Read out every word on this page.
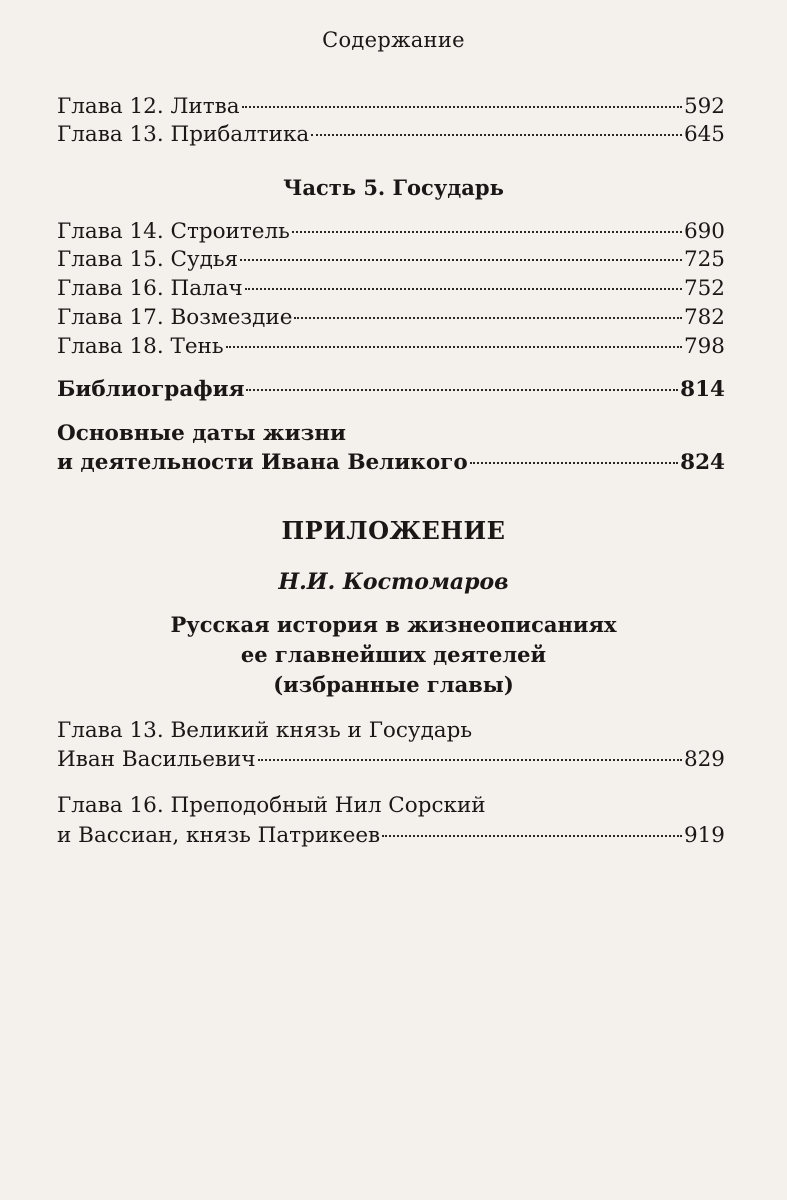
Содержание
Глава 12. Литва	592
Глава 13. Прибалтика	645
Часть 5. Государь
Глава 14. Строитель	690
Глава 15. Судья	725
Глава 16. Палач	752
Глава 17. Возмездие	782
Глава 18. Тень	798
Библиография	814
Основные даты жизни
и деятельности Ивана Великого	824
ПРИЛОЖЕНИЕ
Н.И. Костомаров
Русская история в жизнеописаниях
ее главнейших деятелей
(избранные главы)
Глава 13. Великий князь и Государь
Иван Васильевич	829
Глава 16. Преподобный Нил Сорский
и Вассиан, князь Патрикеев	919
